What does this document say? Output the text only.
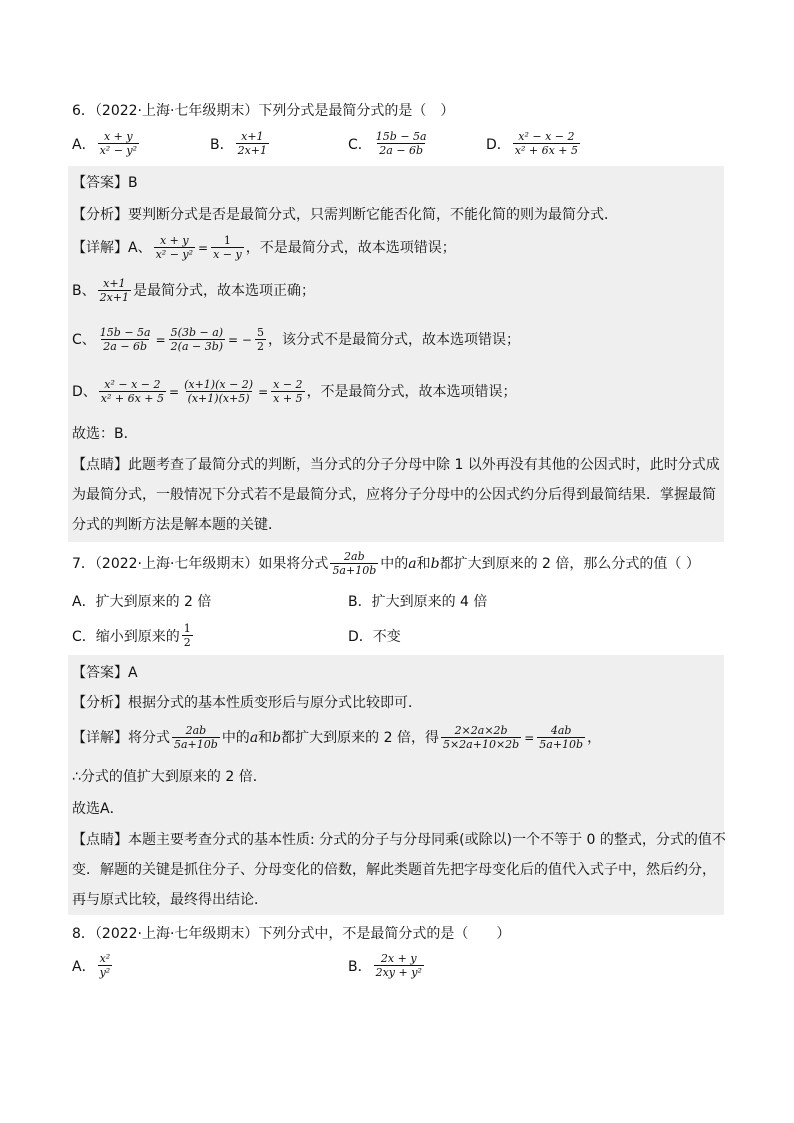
6．（2022·上海·七年级期末）下列分式是最简分式的是（　）
A． x + y
x² − y²	B． x+1
2x+1	C． 15b − 5a
2a − 6b	D． x² − x − 2
x² + 6x + 5
【答案】B
【分析】要判断分式是否是最简分式，只需判断它能否化简，不能化简的则为最简分式．
【详解】A、 $\frac{x + y}{\text{x² − y²}} = \frac{1}{x - y}$ ，不是最简分式，故本选项错误；
B、 x+1
2x+1 是最简分式，故本选项正确；
C、 $\frac{15b - 5a}{2a - 6b} = \frac{5(3b - a)}{2(a - 3b)}$ = − $\frac{5}{2}$ ，该分式不是最简分式，故本选项错误；
D、 $\frac{\text{x² − x − 2}}{\text{x² + 6x + 5}} = \frac{(x+1)(x - 2)}{(x+1)(x+5)} = \frac{x - 2}{x + 5}$ ，不是最简分式，故本选项错误；
故选：B．
【点睛】此题考查了最简分式的判断，当分式的分子分母中除 1 以外再没有其他的公因式时，此时分式成
为最简分式，一般情况下分式若不是最简分式，应将分子分母中的公因式约分后得到最简结果．掌握最简
分式的判断方法是解本题的关键．
7．（2022·上海·七年级期末）如果将分式 2ab
5a+10b 中的 a 和 b 都扩大到原来的 2 倍，那么分式的值（ ）
A．扩大到原来的 2 倍	B．扩大到原来的 4 倍
C．缩小到原来的 1
2	D．不变
【答案】A
【分析】根据分式的基本性质变形后与原分式比较即可．
【详解】将分式 2ab
5a+10b 中的 a 和 b 都扩大到原来的 2 倍，得 $\frac{2\times 2a\times 2b}{5\times 2a+10\times 2b} = \frac{4ab}{5a+10b}$ ，
∴分式的值扩大到原来的 2 倍．
故选A．
【点睛】本题主要考查分式的基本性质: 分式的分子与分母同乘(或除以)一个不等于 0 的整式，分式的值不
变．解题的关键是抓住分子、分母变化的倍数，解此类题首先把字母变化后的值代入式子中，然后约分，
再与原式比较，最终得出结论．
8．（2022·上海·七年级期末）下列分式中，不是最简分式的是（　　）
A． x²
y²	B． 2x + y
2xy + y²
